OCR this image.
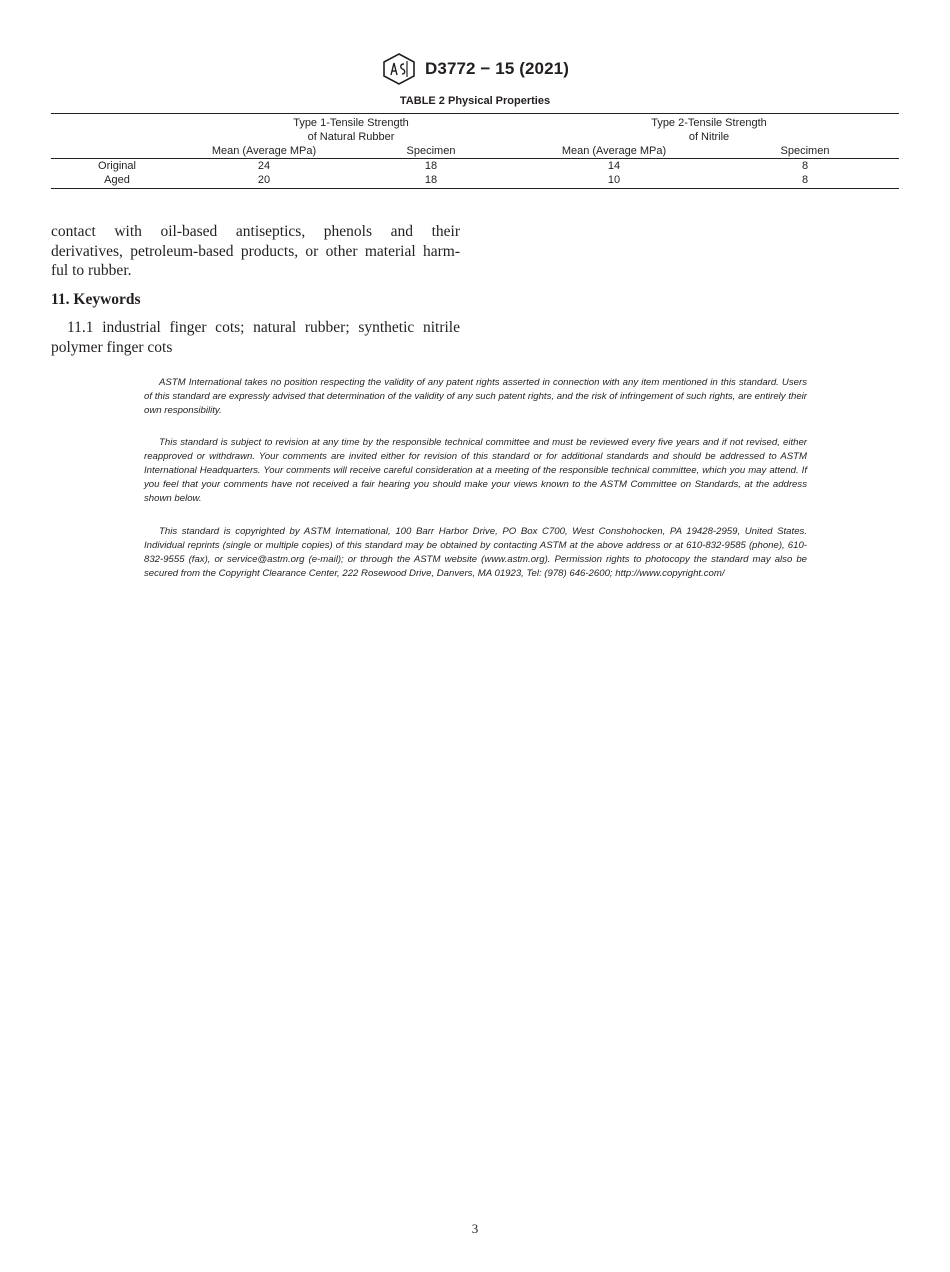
D3772 − 15 (2021)
TABLE 2 Physical Properties
Type 1-Tensile Strength	Type 2-Tensile Strength
of Natural Rubber	of Nitrile
Mean (Average MPa)	Specimen	Mean (Average MPa)	Specimen
Original	24	18	14	8
Aged	20	18	10	8
contact with oil-based antiseptics, phenols and their
derivatives, petroleum-based products, or other material harm-
ful to rubber.
11. Keywords
11.1 industrial finger cots; natural rubber; synthetic nitrile
polymer finger cots

ASTM International takes no position respecting the validity of any patent rights asserted in connection with any item mentioned in this standard. Users of this standard are expressly advised that determination of the validity of any such patent rights, and the risk of infringement of such rights, are entirely their own responsibility.

This standard is subject to revision at any time by the responsible technical committee and must be reviewed every five years and if not revised, either reapproved or withdrawn. Your comments are invited either for revision of this standard or for additional standards and should be addressed to ASTM International Headquarters. Your comments will receive careful consideration at a meeting of the responsible technical committee, which you may attend. If you feel that your comments have not received a fair hearing you should make your views known to the ASTM Committee on Standards, at the address shown below.

This standard is copyrighted by ASTM International, 100 Barr Harbor Drive, PO Box C700, West Conshohocken, PA 19428-2959, United States. Individual reprints (single or multiple copies) of this standard may be obtained by contacting ASTM at the above address or at 610-832-9585 (phone), 610-832-9555 (fax), or service@astm.org (e-mail); or through the ASTM website (www.astm.org). Permission rights to photocopy the standard may also be secured from the Copyright Clearance Center, 222 Rosewood Drive, Danvers, MA 01923, Tel: (978) 646-2600; http://www.copyright.com/

3
